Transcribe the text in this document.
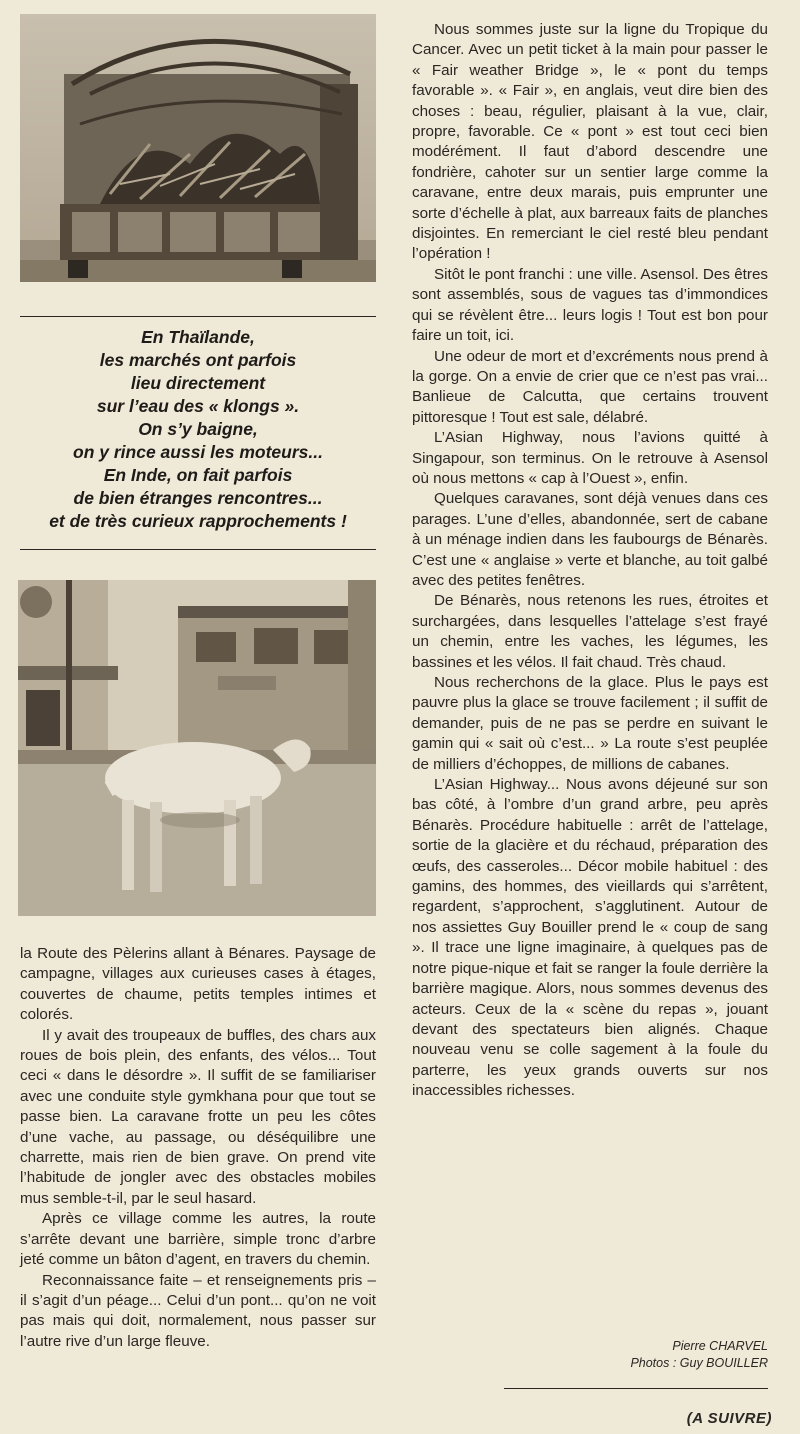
En Thaïlande,
les marchés ont parfois
lieu directement
sur l’eau des « klongs ».
On s’y baigne,
on y rince aussi les moteurs...
En Inde, on fait parfois
de bien étranges rencontres...
et de très curieux rapprochements !

la Route des Pèlerins allant à Bénares. Paysage de campagne, villages aux curieuses cases à étages, couvertes de chaume, petits temples intimes et colorés.

Il y avait des troupeaux de buffles, des chars aux roues de bois plein, des enfants, des vélos... Tout ceci « dans le désordre ». Il suffit de se familiariser avec une conduite style gymkhana pour que tout se passe bien. La caravane frotte un peu les côtes d’une vache, au passage, ou déséquilibre une charrette, mais rien de bien grave. On prend vite l’habitude de jongler avec des obstacles mobiles mus semble-t-il, par le seul hasard.

Après ce village comme les autres, la route s’arrête devant une barrière, simple tronc d’arbre jeté comme un bâton d’agent, en travers du chemin.

Reconnaissance faite – et renseignements pris – il s’agit d’un péage... Celui d’un pont... qu’on ne voit pas mais qui doit, normalement, nous passer sur l’autre rive d’un large fleuve.

Nous sommes juste sur la ligne du Tropique du Cancer. Avec un petit ticket à la main pour passer le « Fair weather Bridge », le « pont du temps favorable ». « Fair », en anglais, veut dire bien des choses : beau, régulier, plaisant à la vue, clair, propre, favorable. Ce « pont » est tout ceci bien modérément. Il faut d’abord descendre une fondrière, cahoter sur un sentier large comme la caravane, entre deux marais, puis emprunter une sorte d’échelle à plat, aux barreaux faits de planches disjointes. En remerciant le ciel resté bleu pendant l’opération !

Sitôt le pont franchi : une ville. Asensol. Des êtres sont assemblés, sous de vagues tas d’immondices qui se révèlent être... leurs logis ! Tout est bon pour faire un toit, ici.

Une odeur de mort et d’excréments nous prend à la gorge. On a envie de crier que ce n’est pas vrai... Banlieue de Calcutta, que certains trouvent pittoresque ! Tout est sale, délabré.

L’Asian Highway, nous l’avions quitté à Singapour, son terminus. On le retrouve à Asensol où nous mettons « cap à l’Ouest », enfin.

Quelques caravanes, sont déjà venues dans ces parages. L’une d’elles, abandonnée, sert de cabane à un ménage indien dans les faubourgs de Bénarès. C’est une « anglaise » verte et blanche, au toit galbé avec des petites fenêtres.

De Bénarès, nous retenons les rues, étroites et surchargées, dans lesquelles l’attelage s’est frayé un chemin, entre les vaches, les légumes, les bassines et les vélos. Il fait chaud. Très chaud.

Nous recherchons de la glace. Plus le pays est pauvre plus la glace se trouve facilement ; il suffit de demander, puis de ne pas se perdre en suivant le gamin qui « sait où c’est... » La route s’est peuplée de milliers d’échoppes, de millions de cabanes.

L’Asian Highway... Nous avons déjeuné sur son bas côté, à l’ombre d’un grand arbre, peu après Bénarès. Procédure habituelle : arrêt de l’attelage, sortie de la glacière et du réchaud, préparation des œufs, des casseroles... Décor mobile habituel : des gamins, des hommes, des vieillards qui s’arrêtent, regardent, s’approchent, s’agglutinent. Autour de nos assiettes Guy Bouiller prend le « coup de sang ». Il trace une ligne imaginaire, à quelques pas de notre pique-nique et fait se ranger la foule derrière la barrière magique. Alors, nous sommes devenus des acteurs. Ceux de la « scène du repas », jouant devant des spectateurs bien alignés. Chaque nouveau venu se colle sagement à la foule du parterre, les yeux grands ouverts sur nos inaccessibles richesses.

Pierre CHARVEL
Photos : Guy BOUILLER
(A SUIVRE)
